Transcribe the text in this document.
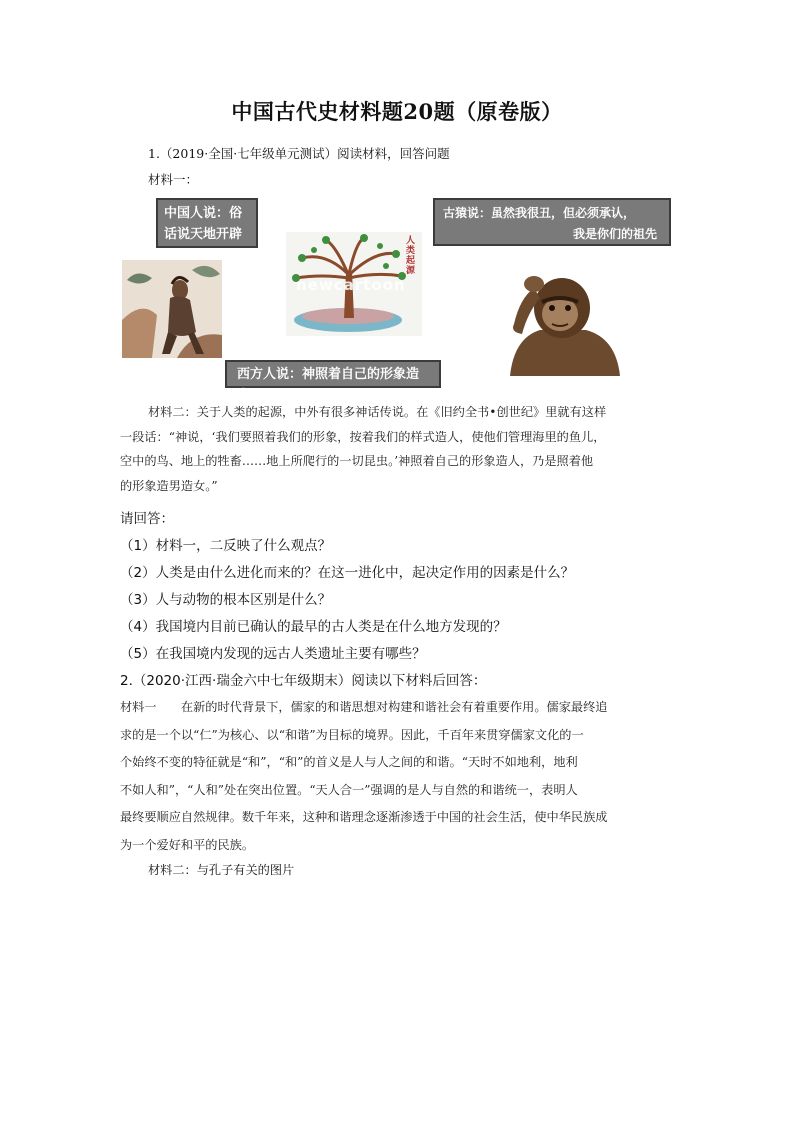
中国古代史材料题20题（原卷版）
1.（2019·全国·七年级单元测试）阅读材料，回答问题
材料一：
中国人说：俗
话说天地开辟
古猿说：虽然我很丑，但必须承认，
我是你们的祖先
人类起源
newcartoon
西方人说：神照着自己的形象造人
材料二：关于人类的起源，中外有很多神话传说。在《旧约全书•创世纪》里就有这样
一段话：“神说，‘我们要照着我们的形象，按着我们的样式造人，使他们管理海里的鱼儿，
空中的鸟、地上的牲畜……地上所爬行的一切昆虫。’神照着自己的形象造人，乃是照着他
的形象造男造女。”
请回答：
（1）材料一，二反映了什么观点？
（2）人类是由什么进化而来的？在这一进化中，起决定作用的因素是什么？
（3）人与动物的根本区别是什么？
（4）我国境内目前已确认的最早的古人类是在什么地方发现的？
（5）在我国境内发现的远古人类遗址主要有哪些？
2.（2020·江西·瑞金六中七年级期末）阅读以下材料后回答：
材料一　　在新的时代背景下，儒家的和谐思想对构建和谐社会有着重要作用。儒家最终追
求的是一个以“仁”为核心、以“和谐”为目标的境界。因此，千百年来贯穿儒家文化的一
个始终不变的特征就是“和”，“和”的首义是人与人之间的和谐。“天时不如地利，地利
不如人和”，“人和”处在突出位置。“天人合一”强调的是人与自然的和谐统一，表明人
最终要顺应自然规律。数千年来，这种和谐理念逐渐渗透于中国的社会生活，使中华民族成
为一个爱好和平的民族。
材料二：与孔子有关的图片
